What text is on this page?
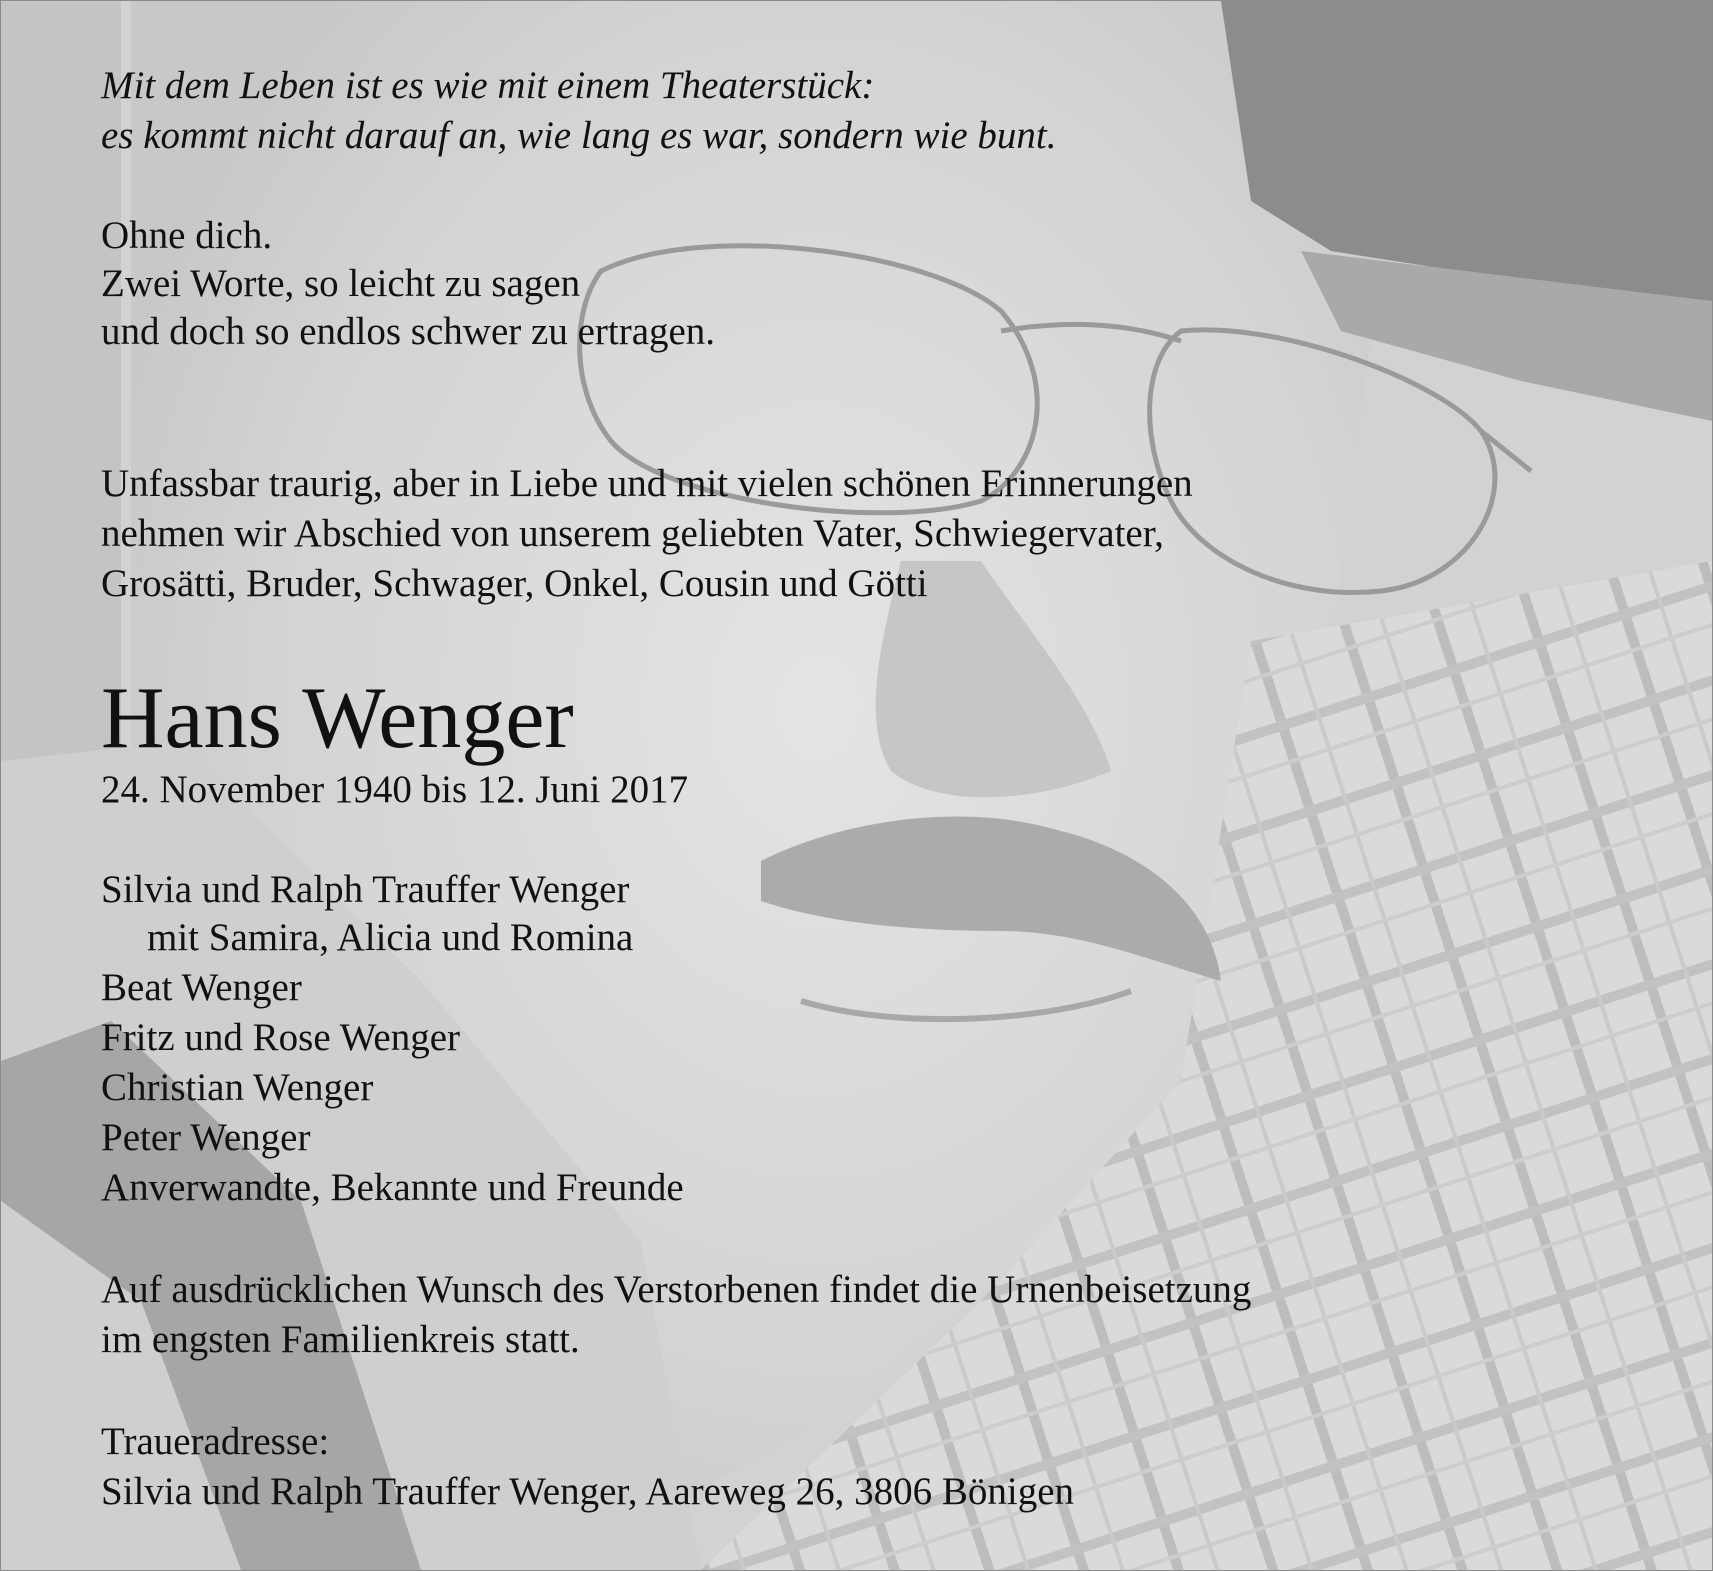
Mit dem Leben ist es wie mit einem Theaterstück:
es kommt nicht darauf an, wie lang es war, sondern wie bunt.
Ohne dich.
Zwei Worte, so leicht zu sagen
und doch so endlos schwer zu ertragen.
Unfassbar traurig, aber in Liebe und mit vielen schönen Erinnerungen
nehmen wir Abschied von unserem geliebten Vater, Schwiegervater,
Grosätti, Bruder, Schwager, Onkel, Cousin und Götti
Hans Wenger
24. November 1940 bis 12. Juni 2017
Silvia und Ralph Trauffer Wenger
mit Samira, Alicia und Romina
Beat Wenger
Fritz und Rose Wenger
Christian Wenger
Peter Wenger
Anverwandte, Bekannte und Freunde
Auf ausdrücklichen Wunsch des Verstorbenen findet die Urnenbeisetzung
im engsten Familienkreis statt.
Traueradresse:
Silvia und Ralph Trauffer Wenger, Aareweg 26, 3806 Bönigen
